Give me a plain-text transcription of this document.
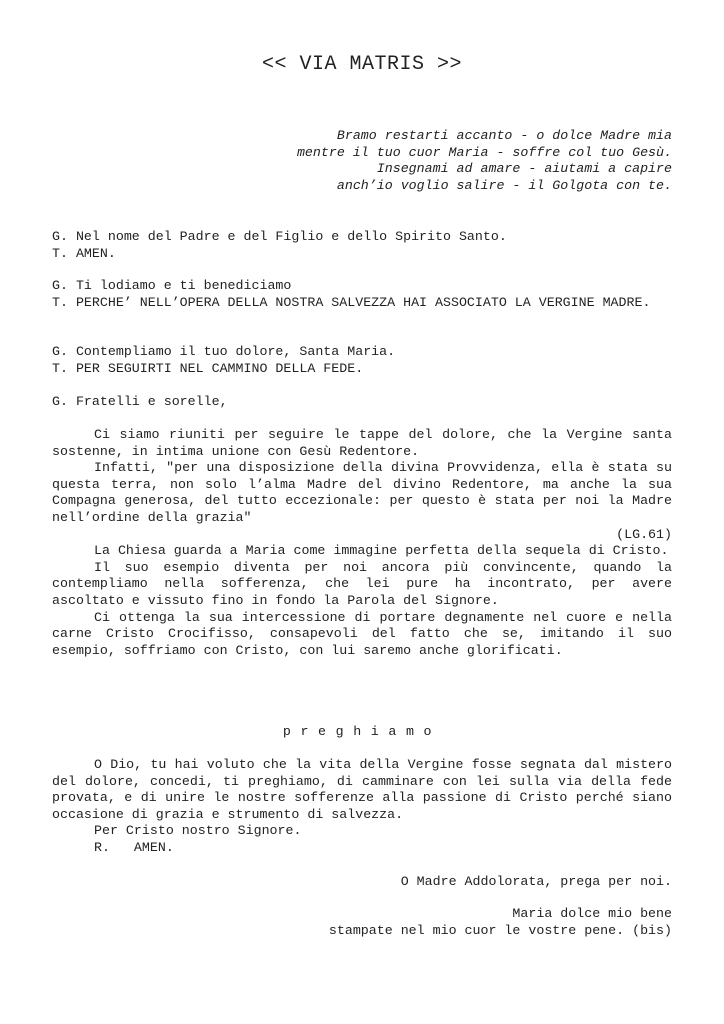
<< VIA MATRIS >>
Bramo restarti accanto - o dolce Madre mia
mentre il tuo cuor Maria - soffre col tuo Gesù.
Insegnami ad amare - aiutami a capire
anch’io voglio salire - il Golgota con te.
G. Nel nome del Padre e del Figlio e dello Spirito Santo.
T. AMEN.
G. Ti lodiamo e ti benediciamo
T. PERCHE’ NELL’OPERA DELLA NOSTRA SALVEZZA HAI ASSOCIATO LA VERGINE MADRE.
G. Contempliamo il tuo dolore, Santa Maria.
T. PER SEGUIRTI NEL CAMMINO DELLA FEDE.
G. Fratelli e sorelle,
Ci siamo riuniti per seguire le tappe del dolore, che la Vergine santa sostenne, in intima unione con Gesù Redentore.
Infatti, "per una disposizione della divina Provvidenza, ella è stata su questa terra, non solo l’alma Madre del divino Redentore, ma anche la sua Compagna generosa, del tutto eccezionale: per questo è stata per noi la Madre nell’ordine della grazia"
(LG.61)
La Chiesa guarda a Maria come immagine perfetta della sequela di Cristo.
Il suo esempio diventa per noi ancora più convincente, quando la contempliamo nella sofferenza, che lei pure ha incontrato, per avere ascoltato e vissuto fino in fondo la Parola del Signore.
Ci ottenga la sua intercessione di portare degnamente nel cuore e nella carne Cristo Crocifisso, consapevoli del fatto che se, imitando il suo esempio, soffriamo con Cristo, con lui saremo anche glorificati.
preghiamo
O Dio, tu hai voluto che la vita della Vergine fosse segnata dal mistero del dolore, concedi, ti preghiamo, di camminare con lei sulla via della fede provata, e di unire le nostre sofferenze alla passione di Cristo perché siano occasione di grazia e strumento di salvezza.
Per Cristo nostro Signore.
R.   AMEN.
O Madre Addolorata, prega per noi.
Maria dolce mio bene
stampate nel mio cuor le vostre pene. (bis)
